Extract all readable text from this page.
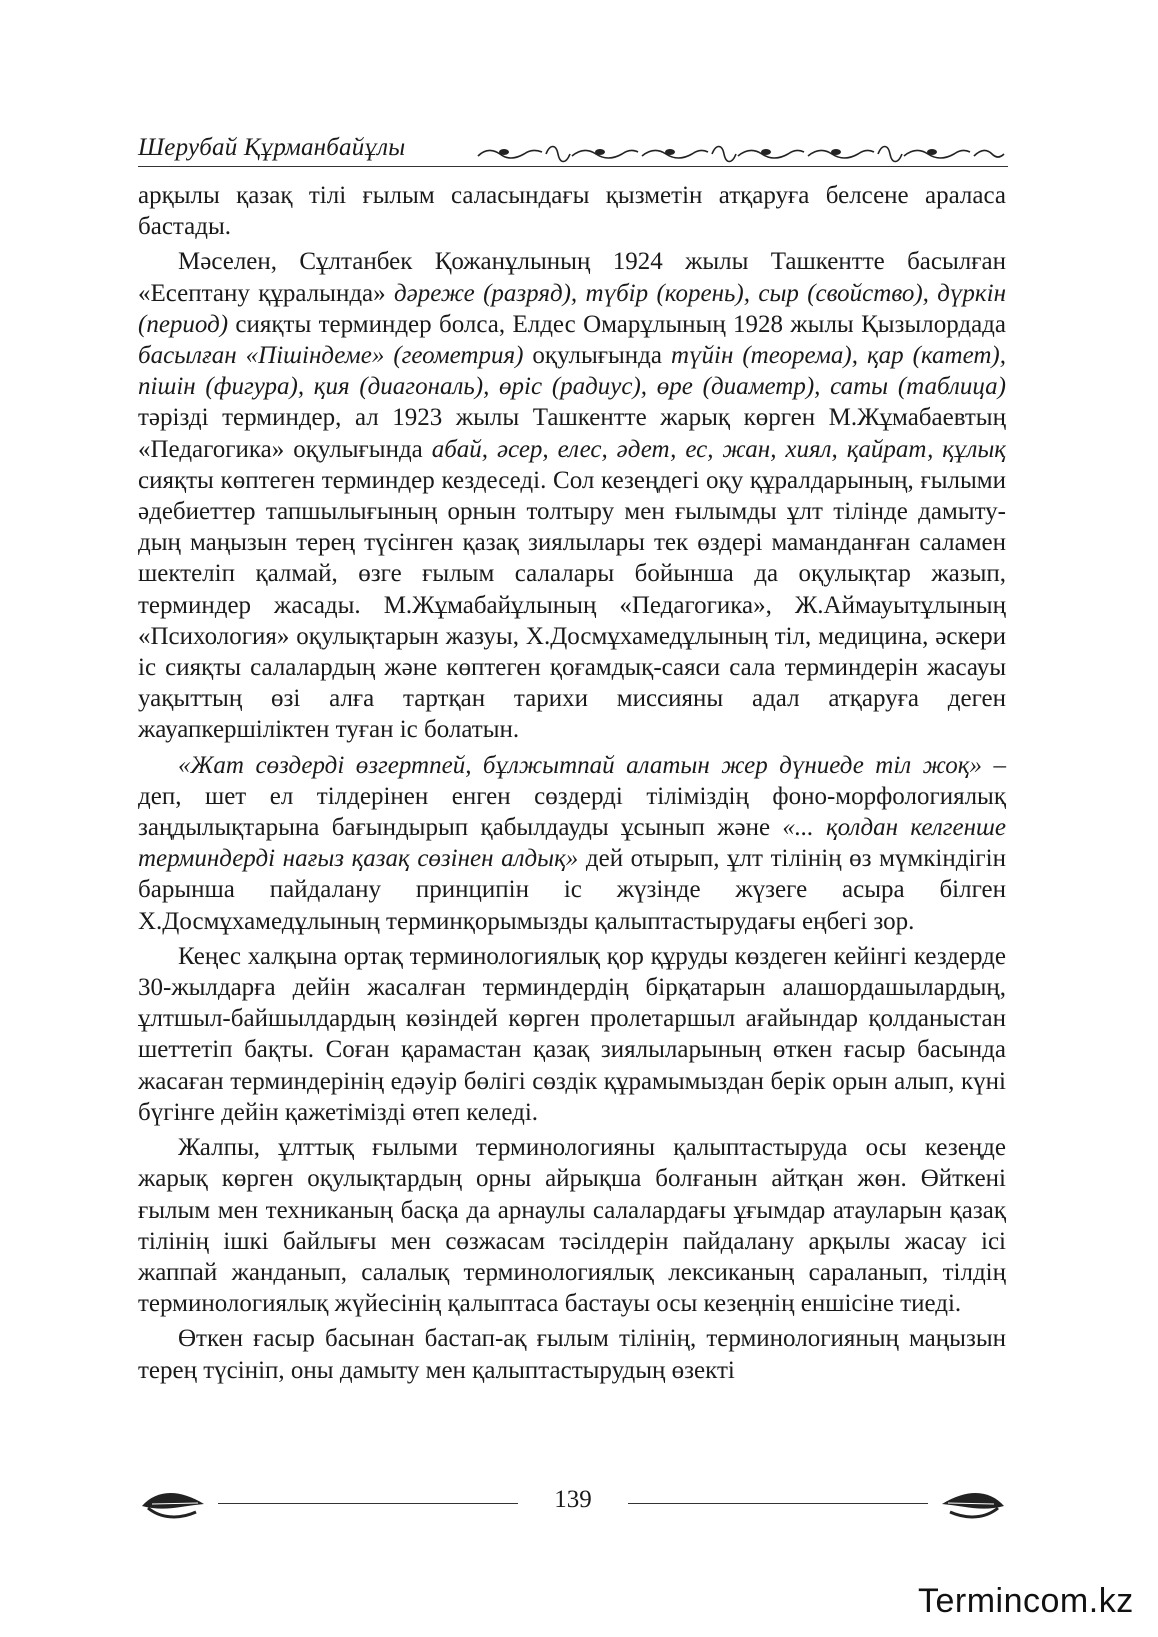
Шерубай Құрманбайұлы

арқылы қазақ тілі ғылым саласындағы қызметін атқаруға белсене араласа бастады.

Мәселен, Сұлтанбек Қожанұлының 1924 жылы Ташкентте басылған «Есептану құралында» дәреже (разряд), түбір (корень), сыр (свойство), дүркін (период) сияқты терминдер болса, Елдес Омарұлының 1928 жылы Қызылордада басылған «Пішіндеме» (геометрия) оқулығында түйін (теорема), қар (катет), пішін (фигура), қия (диагональ), өріс (радиус), өре (диаметр), саты (таблица) тәрізді терминдер, ал 1923 жылы Ташкентте жарық көрген М.Жұмабаевтың «Педагогика» оқулығында абай, әсер, елес, әдет, ес, жан, хиял, қайрат, құлық сияқты көптеген терминдер кездеседі. Сол кезеңдегі оқу құралдарының, ғылыми әдебиеттер тапшылығының орнын толтыру мен ғылымды ұлт тілінде дамытудың маңызын терең түсінген қазақ зиялылары тек өздері маманданған саламен шектеліп қалмай, өзге ғылым салалары бойынша да оқулықтар жазып, терминдер жасады. М.Жұмабайұлының «Педагогика», Ж.Аймауытұлының «Психология» оқулықтарын жазуы, Х.Досмұхамедұлының тіл, медицина, әскери іс сияқты салалардың және көптеген қоғамдық-саяси сала терминдерін жасауы уақыттың өзі алға тартқан тарихи миссияны адал атқаруға деген жауапкершіліктен туған іс болатын.

«Жат сөздерді өзгертпей, бұлжытпай алатын жер дүниеде тіл жоқ» – деп, шет ел тілдерінен енген сөздерді тіліміздің фоно-морфологиялық заңдылықтарына бағындырып қабылдауды ұсынып және «... қолдан келгенше терминдерді нағыз қазақ сөзінен алдық» дей отырып, ұлт тілінің өз мүмкіндігін барынша пайдалану принципін іс жүзінде жүзеге асыра білген Х.Досмұхамедұлының терминқорымызды қалыптастырудағы еңбегі зор.

Кеңес халқына ортақ терминологиялық қор құруды көздеген кейінгі кездерде 30-жылдарға дейін жасалған терминдердің бірқатарын алашордашылардың, ұлтшыл-байшылдардың көзіндей көрген пролетаршыл ағайындар қолданыстан шеттетіп бақты. Соған қарамастан қазақ зиялыларының өткен ғасыр басында жасаған терминдерінің едәуір бөлігі сөздік құрамымыздан берік орын алып, күні бүгінге дейін қажетімізді өтеп келеді.

Жалпы, ұлттық ғылыми терминологияны қалыптастыруда осы кезеңде жарық көрген оқулықтардың орны айрықша болғанын айтқан жөн. Өйткені ғылым мен техниканың басқа да арнаулы салалардағы ұғымдар атауларын қазақ тілінің ішкі байлығы мен сөзжасам тәсілдерін пайдалану арқылы жасау ісі жаппай жанданып, салалық терминологиялық лексиканың сараланып, тілдің терминологиялық жүйесінің қалыптаса бастауы осы кезеңнің еншісіне тиеді.

Өткен ғасыр басынан бастап-ақ ғылым тілінің, терминологияның маңызын терең түсініп, оны дамыту мен қалыптастырудың өзекті

139
Termincom.kz
